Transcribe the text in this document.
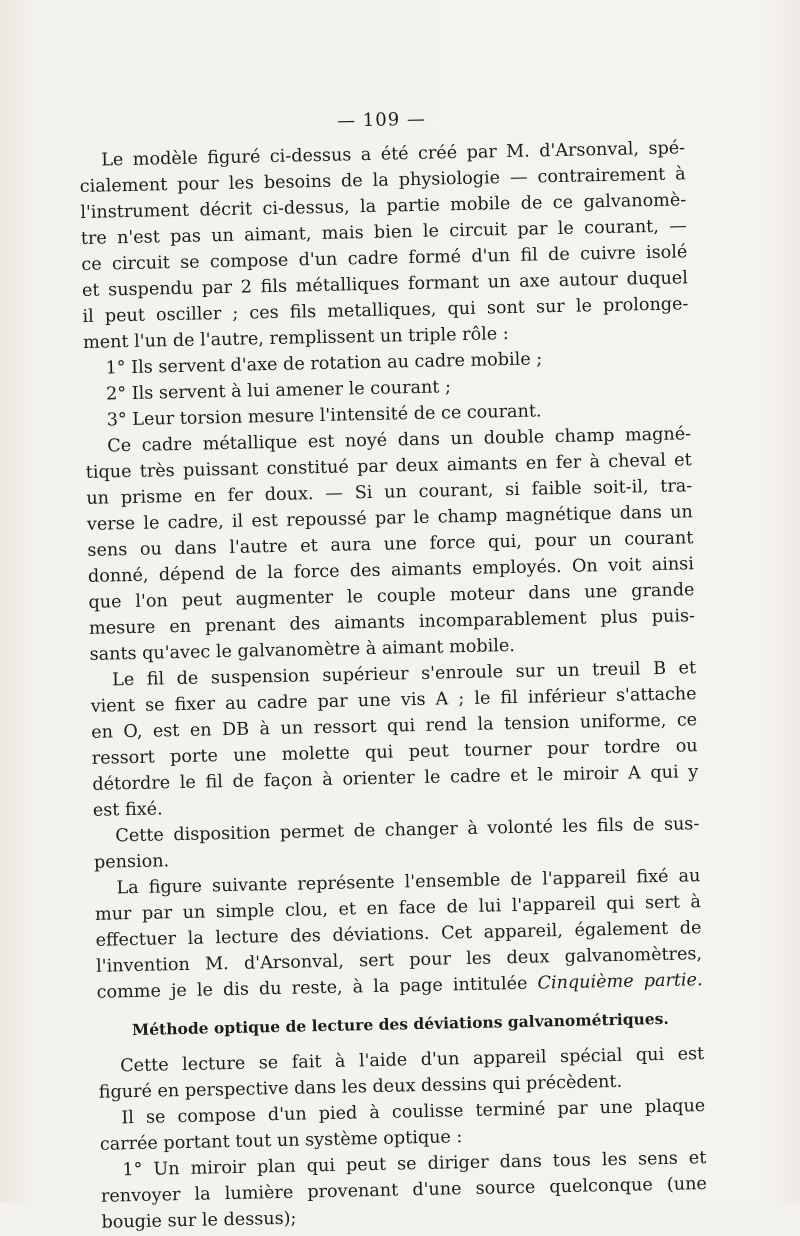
— 109 —
Le modèle figuré ci-dessus a été créé par M. d'Arsonval, spé-
cialement pour les besoins de la physiologie — contrairement à
l'instrument décrit ci-dessus, la partie mobile de ce galvanomè-
tre n'est pas un aimant, mais bien le circuit par le courant, —
ce circuit se compose d'un cadre formé d'un fil de cuivre isolé
et suspendu par 2 fils métalliques formant un axe autour duquel
il peut osciller ; ces fils metalliques, qui sont sur le prolonge-
ment l'un de l'autre, remplissent un triple rôle :
1° Ils servent d'axe de rotation au cadre mobile ;
2° Ils servent à lui amener le courant ;
3° Leur torsion mesure l'intensité de ce courant.
Ce cadre métallique est noyé dans un double champ magné-
tique très puissant constitué par deux aimants en fer à cheval et
un prisme en fer doux. — Si un courant, si faible soit-il, tra-
verse le cadre, il est repoussé par le champ magnétique dans un
sens ou dans l'autre et aura une force qui, pour un courant
donné, dépend de la force des aimants employés. On voit ainsi
que l'on peut augmenter le couple moteur dans une grande
mesure en prenant des aimants incomparablement plus puis-
sants qu'avec le galvanomètre à aimant mobile.
Le fil de suspension supérieur s'enroule sur un treuil B et
vient se fixer au cadre par une vis A ; le fil inférieur s'attache
en O, est en DB à un ressort qui rend la tension uniforme, ce
ressort porte une molette qui peut tourner pour tordre ou
détordre le fil de façon à orienter le cadre et le miroir A qui y
est fixé.
Cette disposition permet de changer à volonté les fils de sus-
pension.
La figure suivante représente l'ensemble de l'appareil fixé au
mur par un simple clou, et en face de lui l'appareil qui sert à
effectuer la lecture des déviations. Cet appareil, également de
l'invention M. d'Arsonval, sert pour les deux galvanomètres,
comme je le dis du reste, à la page intitulée Cinquième partie.
Méthode optique de lecture des déviations galvanométriques.
Cette lecture se fait à l'aide d'un appareil spécial qui est
figuré en perspective dans les deux dessins qui précèdent.
Il se compose d'un pied à coulisse terminé par une plaque
carrée portant tout un système optique :
1° Un miroir plan qui peut se diriger dans tous les sens et
renvoyer la lumière provenant d'une source quelconque (une
bougie sur le dessus);
